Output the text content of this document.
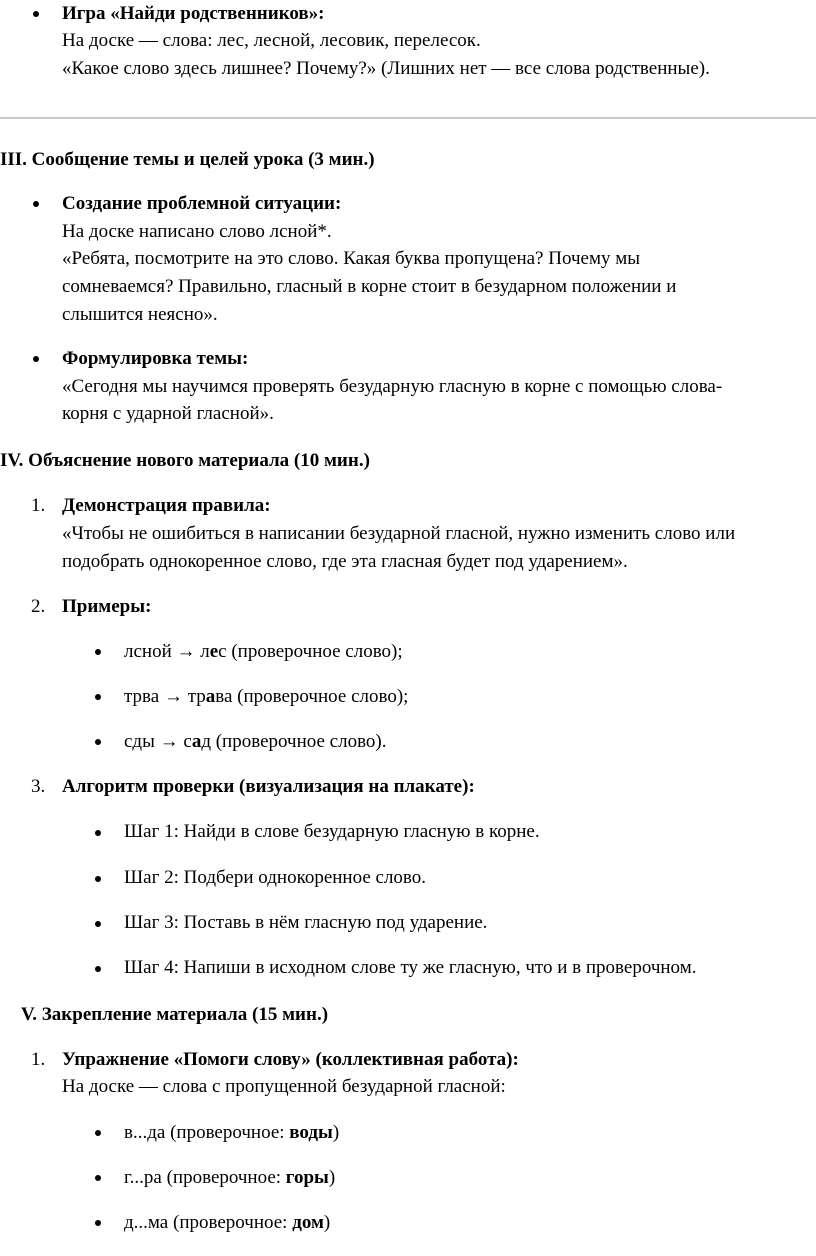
Игра «Найди родственников»:
На доске — слова: лес, лесной, лесовик, перелесок.
«Какое слово здесь лишнее? Почему?» (Лишних нет — все слова родственные).
III. Сообщение темы и целей урока (3 мин.)
Создание проблемной ситуации:
На доске написано слово лсной*.
«Ребята, посмотрите на это слово. Какая буква пропущена? Почему мы
сомневаемся? Правильно, гласный в корне стоит в безударном положении и
слышится неясно».
Формулировка темы:
«Сегодня мы научимся проверять безударную гласную в корне с помощью слова-
корня с ударной гласной».
IV. Объяснение нового материала (10 мин.)
1. Демонстрация правила:
«Чтобы не ошибиться в написании безударной гласной, нужно изменить слово или
подобрать однокоренное слово, где эта гласная будет под ударением».
2. Примеры:
лсной → лес (проверочное слово);
трва → трава (проверочное слово);
сды → сад (проверочное слово).
3. Алгоритм проверки (визуализация на плакате):
Шаг 1: Найди в слове безударную гласную в корне.
Шаг 2: Подбери однокоренное слово.
Шаг 3: Поставь в нём гласную под ударение.
Шаг 4: Напиши в исходном слове ту же гласную, что и в проверочном.
V. Закрепление материала (15 мин.)
1. Упражнение «Помоги слову» (коллективная работа):
На доске — слова с пропущенной безударной гласной:
в...да (проверочное: воды)
г...ра (проверочное: горы)
д...ма (проверочное: дом)
